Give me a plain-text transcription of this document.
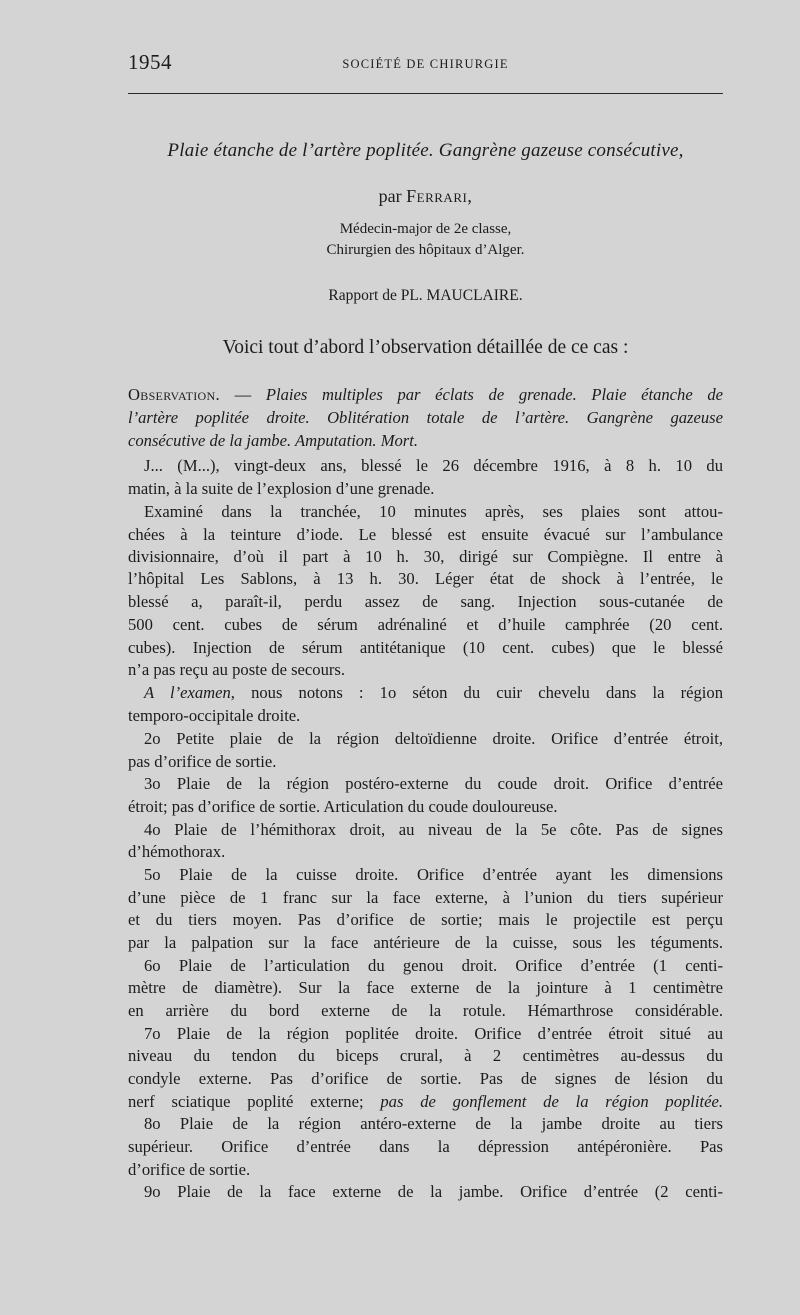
1954	SOCIÉTÉ DE CHIRURGIE
Plaie étanche de l’artère poplitée. Gangrène gazeuse consécutive,
par Ferrari,
Médecin-major de 2e classe,
Chirurgien des hôpitaux d’Alger.
Rapport de PL. MAUCLAIRE.
Voici tout d’abord l’observation détaillée de ce cas :
Observation. — Plaies multiples par éclats de grenade. Plaie étanche de
l’artère poplitée droite. Oblitération totale de l’artère. Gangrène gazeuse
consécutive de la jambe. Amputation. Mort.
J... (M...), vingt-deux ans, blessé le 26 décembre 1916, à 8 h. 10 du
matin, à la suite de l’explosion d’une grenade.
Examiné dans la tranchée, 10 minutes après, ses plaies sont attou-
chées à la teinture d’iode. Le blessé est ensuite évacué sur l’ambulance
divisionnaire, d’où il part à 10 h. 30, dirigé sur Compiègne. Il entre à
l’hôpital Les Sablons, à 13 h. 30. Léger état de shock à l’entrée, le
blessé a, paraît-il, perdu assez de sang. Injection sous-cutanée de
500 cent. cubes de sérum adrénaliné et d’huile camphrée (20 cent.
cubes). Injection de sérum antitétanique (10 cent. cubes) que le blessé
n’a pas reçu au poste de secours.
A l’examen, nous notons : 1o séton du cuir chevelu dans la région
temporo-occipitale droite.
2o Petite plaie de la région deltoïdienne droite. Orifice d’entrée étroit,
pas d’orifice de sortie.
3o Plaie de la région postéro-externe du coude droit. Orifice d’entrée
étroit; pas d’orifice de sortie. Articulation du coude douloureuse.
4o Plaie de l’hémithorax droit, au niveau de la 5e côte. Pas de signes
d’hémothorax.
5o Plaie de la cuisse droite. Orifice d’entrée ayant les dimensions
d’une pièce de 1 franc sur la face externe, à l’union du tiers supérieur
et du tiers moyen. Pas d’orifice de sortie; mais le projectile est perçu
par la palpation sur la face antérieure de la cuisse, sous les téguments.
6o Plaie de l’articulation du genou droit. Orifice d’entrée (1 centi-
mètre de diamètre). Sur la face externe de la jointure à 1 centimètre
en arrière du bord externe de la rotule. Hémarthrose considérable.
7o Plaie de la région poplitée droite. Orifice d’entrée étroit situé au
niveau du tendon du biceps crural, à 2 centimètres au-dessus du
condyle externe. Pas d’orifice de sortie. Pas de signes de lésion du
nerf sciatique poplité externe; pas de gonflement de la région poplitée.
8o Plaie de la région antéro-externe de la jambe droite au tiers
supérieur. Orifice d’entrée dans la dépression antépéronière. Pas
d’orifice de sortie.
9o Plaie de la face externe de la jambe. Orifice d’entrée (2 centi-
